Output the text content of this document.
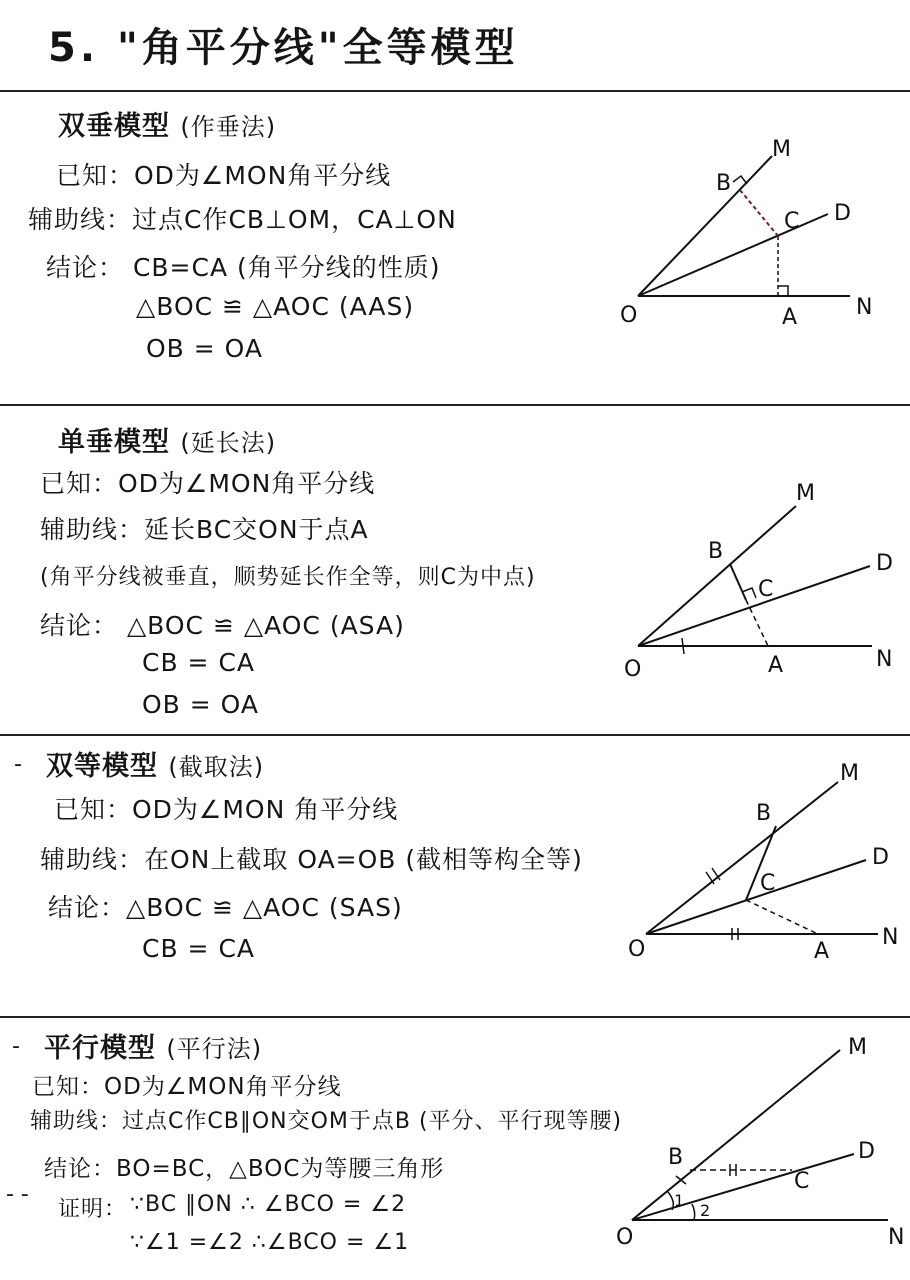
5. "角平分线"全等模型
双垂模型 (作垂法)
已知：OD为∠MON角平分线
辅助线：过点C作CB⊥OM，CA⊥ON
结论： CB=CA (角平分线的性质)
△BOC ≌ △AOC (AAS)
OB = OA
M
B
C D
O	A	N
单垂模型 (延长法)
已知：OD为∠MON角平分线
辅助线：延长BC交ON于点A
(角平分线被垂直，顺势延长作全等，则C为中点)
结论： △BOC ≌ △AOC (ASA)
CB = CA
OB = OA
M
B	D
C
O	A	N
- 双等模型 (截取法)
已知：OD为∠MON 角平分线
辅助线：在ON上截取 OA=OB (截相等构全等)
结论：△BOC ≌ △AOC (SAS)
CB = CA
M
B
D
C
O	N
A
- 平行模型 (平行法)
已知：OD为∠MON角平分线
辅助线：过点C作CB∥ON交OM于点B (平分、平行现等腰)
结论：BO=BC，△BOC为等腰三角形
- -
证明： ∵BC ∥ON ∴ ∠BCO = ∠2
∵∠1 =∠2 ∴∠BCO = ∠1
M
B	D
C
O	N
1
2
